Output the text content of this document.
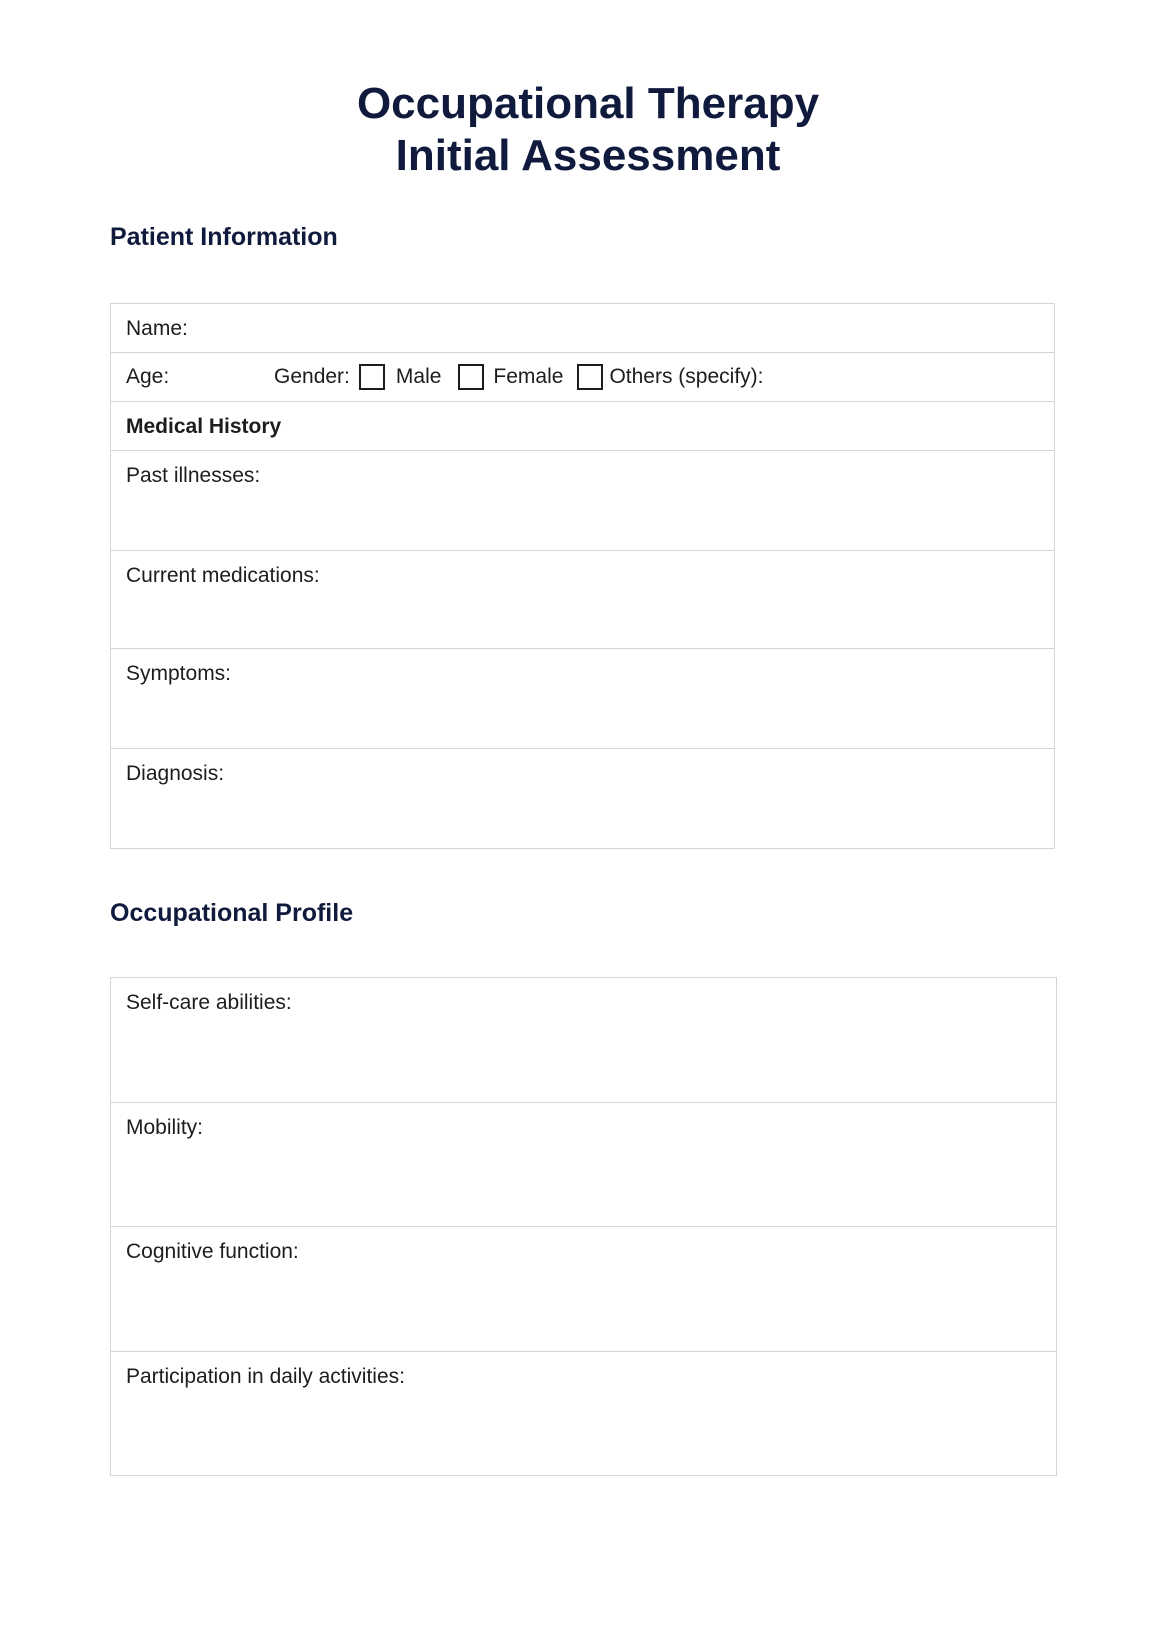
Occupational Therapy
Initial Assessment
Patient Information
Name:

Age:	Gender: Male Female Others (specify):

Medical History

Past illnesses:

Current medications:

Symptoms:

Diagnosis:
Occupational Profile
Self-care abilities:

Mobility:

Cognitive function:

Participation in daily activities:
